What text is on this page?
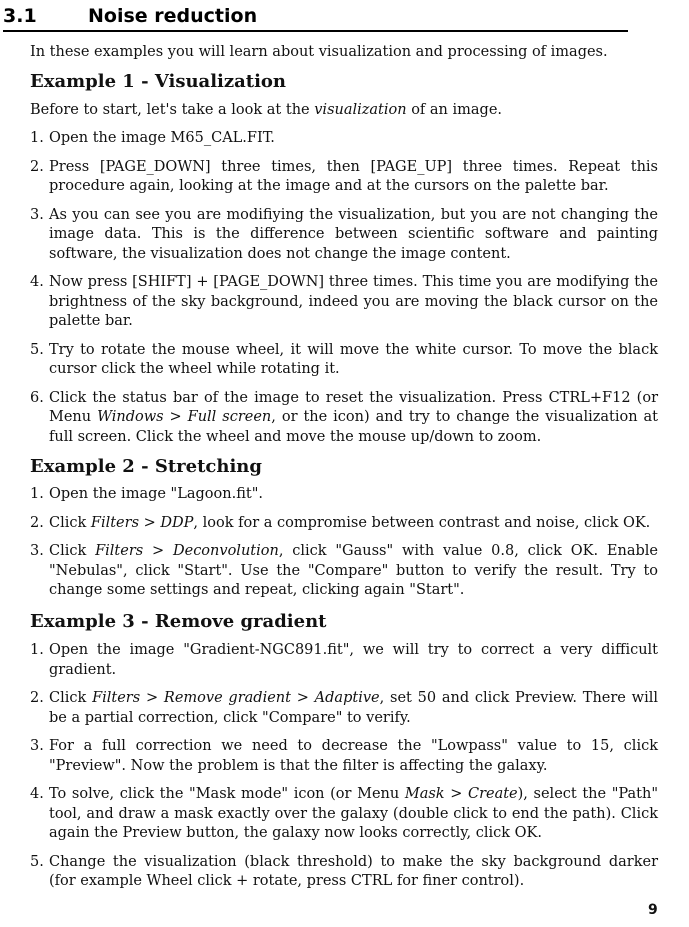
3.1	Noise reduction
In these examples you will learn about visualization and processing of images.
Example 1 - Visualization
Before to start, let's take a look at the visualization of an image.
1. Open the image M65_CAL.FIT.
2. Press [PAGE_DOWN] three times, then [PAGE_UP] three times. Repeat this procedure again, looking at the image and at the cursors on the palette bar.
3. As you can see you are modifiying the visualization, but you are not changing the image data. This is the difference between scientific software and painting software, the visualization does not change the image content.
4. Now press [SHIFT] + [PAGE_DOWN] three times. This time you are modifying the brightness of the sky background, indeed you are moving the black cursor on the palette bar.
5. Try to rotate the mouse wheel, it will move the white cursor. To move the black cursor click the wheel while rotating it.
6. Click the status bar of the image to reset the visualization. Press CTRL+F12 (or Menu Windows > Full screen, or the icon) and try to change the visualization at full screen. Click the wheel and move the mouse up/down to zoom.
Example 2 - Stretching
1. Open the image "Lagoon.fit".
2. Click Filters > DDP, look for a compromise between contrast and noise, click OK.
3. Click Filters > Deconvolution, click "Gauss" with value 0.8, click OK. Enable "Nebulas", click "Start". Use the "Compare" button to verify the result. Try to change some settings and repeat, clicking again "Start".
Example 3 - Remove gradient
1. Open the image "Gradient-NGC891.fit", we will try to correct a very difficult gradient.
2. Click Filters > Remove gradient > Adaptive, set 50 and click Preview. There will be a partial correction, click "Compare" to verify.
3. For a full correction we need to decrease the "Lowpass" value to 15, click "Preview". Now the problem is that the filter is affecting the galaxy.
4. To solve, click the "Mask mode" icon (or Menu Mask > Create), select the "Path" tool, and draw a mask exactly over the galaxy (double click to end the path). Click again the Preview button, the galaxy now looks correctly, click OK.
5. Change the visualization (black threshold) to make the sky background darker (for example Wheel click + rotate, press CTRL for finer control).
9
